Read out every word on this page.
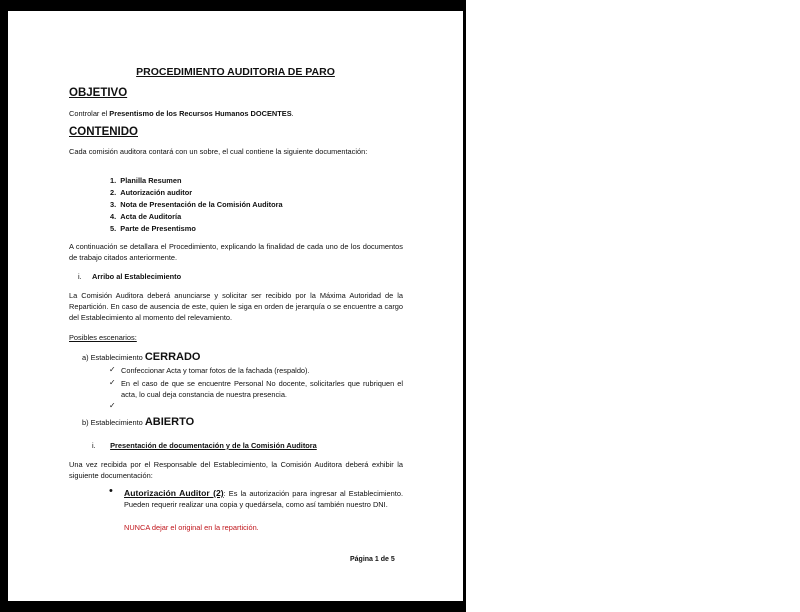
PROCEDIMIENTO AUDITORIA DE PARO
OBJETIVO
Controlar el Presentismo de los Recursos Humanos DOCENTES.
CONTENIDO
Cada comisión auditora contará con un sobre, el cual contiene la siguiente documentación:
1. Planilla Resumen
2. Autorización auditor
3. Nota de Presentación de la Comisión Auditora
4. Acta de Auditoría
5. Parte de Presentismo
A continuación se detallara el Procedimiento, explicando la finalidad de cada uno de los documentos de trabajo citados anteriormente.
i. Arribo al Establecimiento
La Comisión Auditora deberá anunciarse y solicitar ser recibido por la Máxima Autoridad de la Repartición. En caso de ausencia de este, quien le siga en orden de jerarquía o se encuentre a cargo del Establecimiento al momento del relevamiento.
Posibles escenarios:
a) Establecimiento CERRADO
✓ Confeccionar Acta y tomar fotos de la fachada (respaldo).
✓ En el caso de que se encuentre Personal No docente, solicitarles que rubriquen el acta, lo cual deja constancia de nuestra presencia.
✓
b) Establecimiento ABIERTO
i. Presentación de documentación y de la Comisión Auditora
Una vez recibida por el Responsable del Establecimiento, la Comisión Auditora deberá exhibir la siguiente documentación:
• Autorización Auditor (2): Es la autorización para ingresar al Establecimiento. Pueden requerir realizar una copia y quedársela, como así también nuestro DNI.
NUNCA dejar el original en la repartición.
Página 1 de 5
